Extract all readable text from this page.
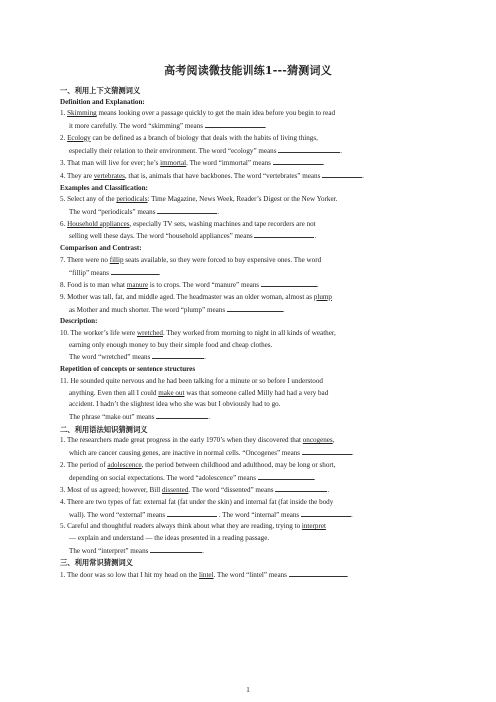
高考阅读微技能训练1---猜测词义
一、利用上下文猜测词义
Definition and Explanation:
1. Skimming means looking over a passage quickly to get the main idea before you begin to read
it more carefully. The word “skimming” means	.
2. Ecology can be defined as a branch of biology that deals with the habits of living things,
especially their relation to their environment. The word “ecology” means	.
3. That man will live for ever; he’s immortal. The word “immortal” means	.
4. They are vertebrates, that is, animals that have backbones. The word “vertebrates” means	.
Examples and Classification:
5. Select any of the periodicals: Time Magazine, News Week, Reader’s Digest or the New Yorker.
The word “periodicals” means	.
6. Household appliances, especially TV sets, washing machines and tape recorders are not
selling well these days. The word “household appliances” means	.
Comparison and Contrast:
7. There were no fillip seats available, so they were forced to buy expensive ones. The word
“fillip” means	.
8. Food is to man what manure is to crops. The word “manure” means	.
9. Mother was tall, fat, and middle aged. The headmaster was an older woman, almost as plump
as Mother and much shorter. The word “plump” means	.
Description:
10. The worker’s life were wretched. They worked from morning to night in all kinds of weather,
earning only enough money to buy their simple food and cheap clothes.
The word “wretched” means	.
Repetition of concepts or sentence structures
11. He sounded quite nervous and he had been talking for a minute or so before I understood
anything. Even then all I could make out was that someone called Milly had had a very bad
accident. I hadn’t the slightest idea who she was but I obviously had to go.
The phrase “make out” means	.
二、利用语法知识猜测词义
1. The researchers made great progress in the early 1970’s when they discovered that oncogenes,
which are cancer causing genes, are inactive in normal cells. “Oncogenes” means	.
2. The period of adolescence, the period between childhood and adulthood, may be long or short,
depending on social expectations. The word “adolescence” means	.
3. Most of us agreed; however, Bill dissented. The word “dissented” means	.
4. There are two types of fat: external fat (fat under the skin) and internal fat (fat inside the body
wall). The word “external” means	. The word “internal” means	.
5. Careful and thoughtful readers always think about what they are reading, trying to interpret
— explain and understand — the ideas presented in a reading passage.
The word “interpret” means	.
三、利用常识猜测词义
1. The door was so low that I hit my head on the lintel. The word “lintel” means	.
1
